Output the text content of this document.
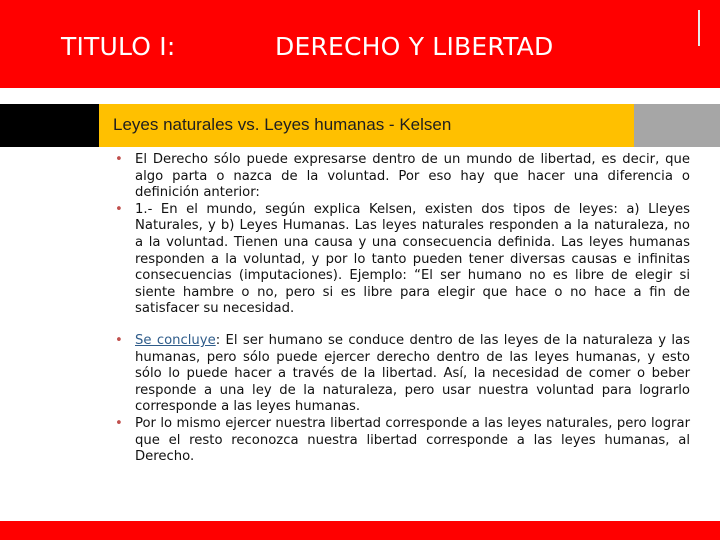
TITULO I:	DERECHO Y LIBERTAD
Leyes naturales vs. Leyes humanas - Kelsen

• El Derecho sólo puede expresarse dentro de un mundo de libertad, es decir, que algo parta o nazca de la voluntad. Por eso hay que hacer una diferencia o definición anterior:

• 1.- En el mundo, según explica Kelsen, existen dos tipos de leyes: a) Lleyes Naturales, y b) Leyes Humanas. Las leyes naturales responden a la naturaleza, no a la voluntad. Tienen una causa y una consecuencia definida. Las leyes humanas responden a la voluntad, y por lo tanto pueden tener diversas causas e infinitas consecuencias (imputaciones). Ejemplo: “El ser humano no es libre de elegir si siente hambre o no, pero si es libre para elegir que hace o no hace a fin de satisfacer su necesidad.

• Se concluye: El ser humano se conduce dentro de las leyes de la naturaleza y las humanas, pero sólo puede ejercer derecho dentro de las leyes humanas, y esto sólo lo puede hacer a través de la libertad. Así, la necesidad de comer o beber responde a una ley de la naturaleza, pero usar nuestra voluntad para lograrlo corresponde a las leyes humanas.

• Por lo mismo ejercer nuestra libertad corresponde a las leyes naturales, pero lograr que el resto reconozca nuestra libertad corresponde a las leyes humanas, al Derecho.
